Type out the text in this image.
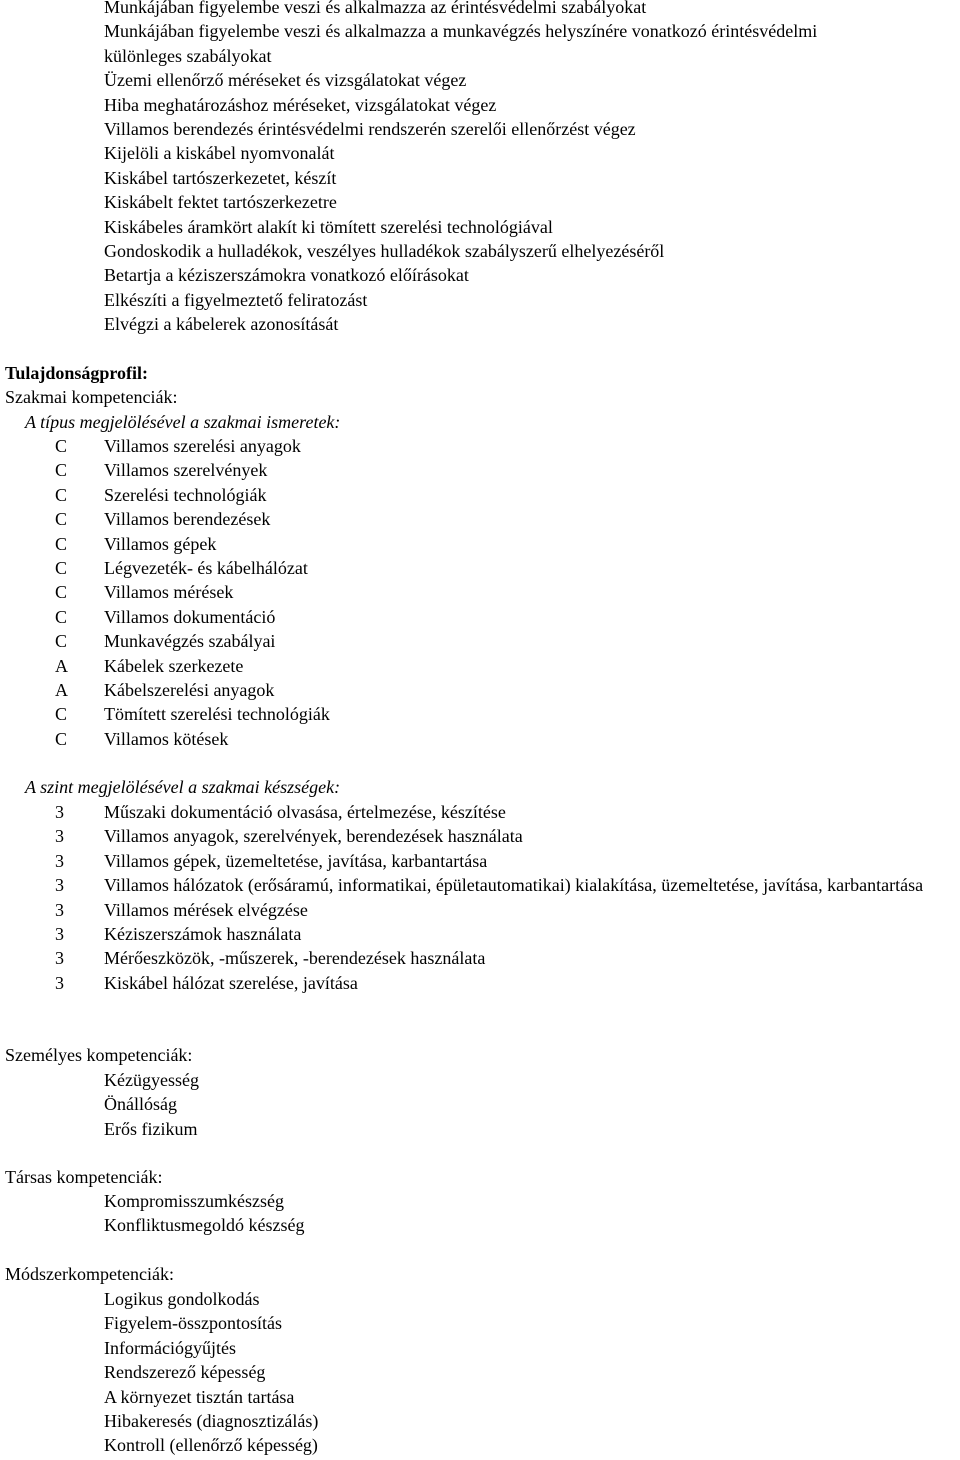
Munkájában figyelembe veszi és alkalmazza az érintésvédelmi szabályokat
Munkájában figyelembe veszi és alkalmazza a munkavégzés helyszínére vonatkozó érintésvédelmi
különleges szabályokat
Üzemi ellenőrző méréseket és vizsgálatokat végez
Hiba meghatározáshoz méréseket, vizsgálatokat végez
Villamos berendezés érintésvédelmi rendszerén szerelői ellenőrzést végez
Kijelöli a kiskábel nyomvonalát
Kiskábel tartószerkezetet, készít
Kiskábelt fektet tartószerkezetre
Kiskábeles áramkört alakít ki tömített szerelési technológiával
Gondoskodik a hulladékok, veszélyes hulladékok szabályszerű elhelyezéséről
Betartja a kéziszerszámokra vonatkozó előírásokat
Elkészíti a figyelmeztető feliratozást
Elvégzi a kábelerek azonosítását
Tulajdonságprofil:
Szakmai kompetenciák:
A típus megjelölésével a szakmai ismeretek:
C	Villamos szerelési anyagok
C	Villamos szerelvények
C	Szerelési technológiák
C	Villamos berendezések
C	Villamos gépek
C	Légvezeték- és kábelhálózat
C	Villamos mérések
C	Villamos dokumentáció
C	Munkavégzés szabályai
A	Kábelek szerkezete
A	Kábelszerelési anyagok
C	Tömített szerelési technológiák
C	Villamos kötések
A szint megjelölésével a szakmai készségek:
3	Műszaki dokumentáció olvasása, értelmezése, készítése
3	Villamos anyagok, szerelvények, berendezések használata
3	Villamos gépek, üzemeltetése, javítása, karbantartása
3	Villamos hálózatok (erősáramú, informatikai, épületautomatikai) kialakítása, üzemeltetése, javítása, karbantartása
3	Villamos mérések elvégzése
3	Kéziszerszámok használata
3	Mérőeszközök, -műszerek, -berendezések használata
3	Kiskábel hálózat szerelése, javítása
Személyes kompetenciák:
Kézügyesség
Önállóság
Erős fizikum
Társas kompetenciák:
Kompromisszumkészség
Konfliktusmegoldó készség
Módszerkompetenciák:
Logikus gondolkodás
Figyelem-összpontosítás
Információgyűjtés
Rendszerező képesség
A környezet tisztán tartása
Hibakeresés (diagnosztizálás)
Kontroll (ellenőrző képesség)
